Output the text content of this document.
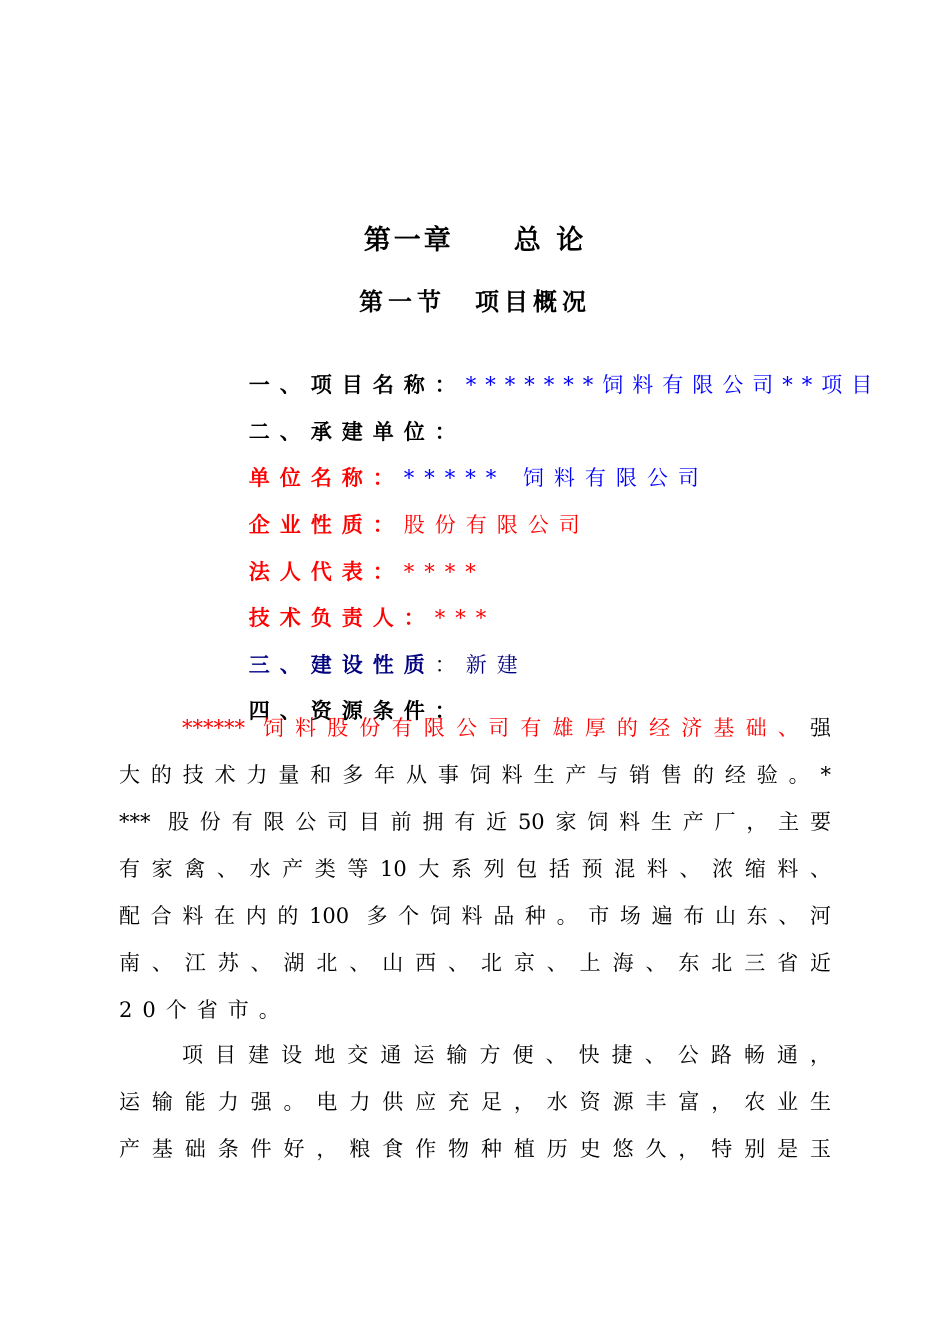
第一章　　总 论
第一节　项目概况

一、项目名称：*******饲料有限公司**项目

二、承建单位：

单位名称：***** 饲料有限公司

企业性质：股份有限公司

法人代表：****

技术负责人：***

三、建设性质：新建

四、资源条件：

****** 饲料股份有限公司有雄厚的经济基础、强
大的技术力量和多年从事饲料生产与销售的经验。*
*** 股份有限公司目前拥有近50家饲料生产厂，主要
有家禽、水产类等10大系列包括预混料、浓缩料、
配合料在内的100 多个饲料品种。市场遍布山东、河
南、江苏、湖北、山西、北京、上海、东北三省近
20个省市。
项目建设地交通运输方便、快捷、公路畅通，
运输能力强。电力供应充足，水资源丰富，农业生
产基础条件好，粮食作物种植历史悠久，特别是玉
